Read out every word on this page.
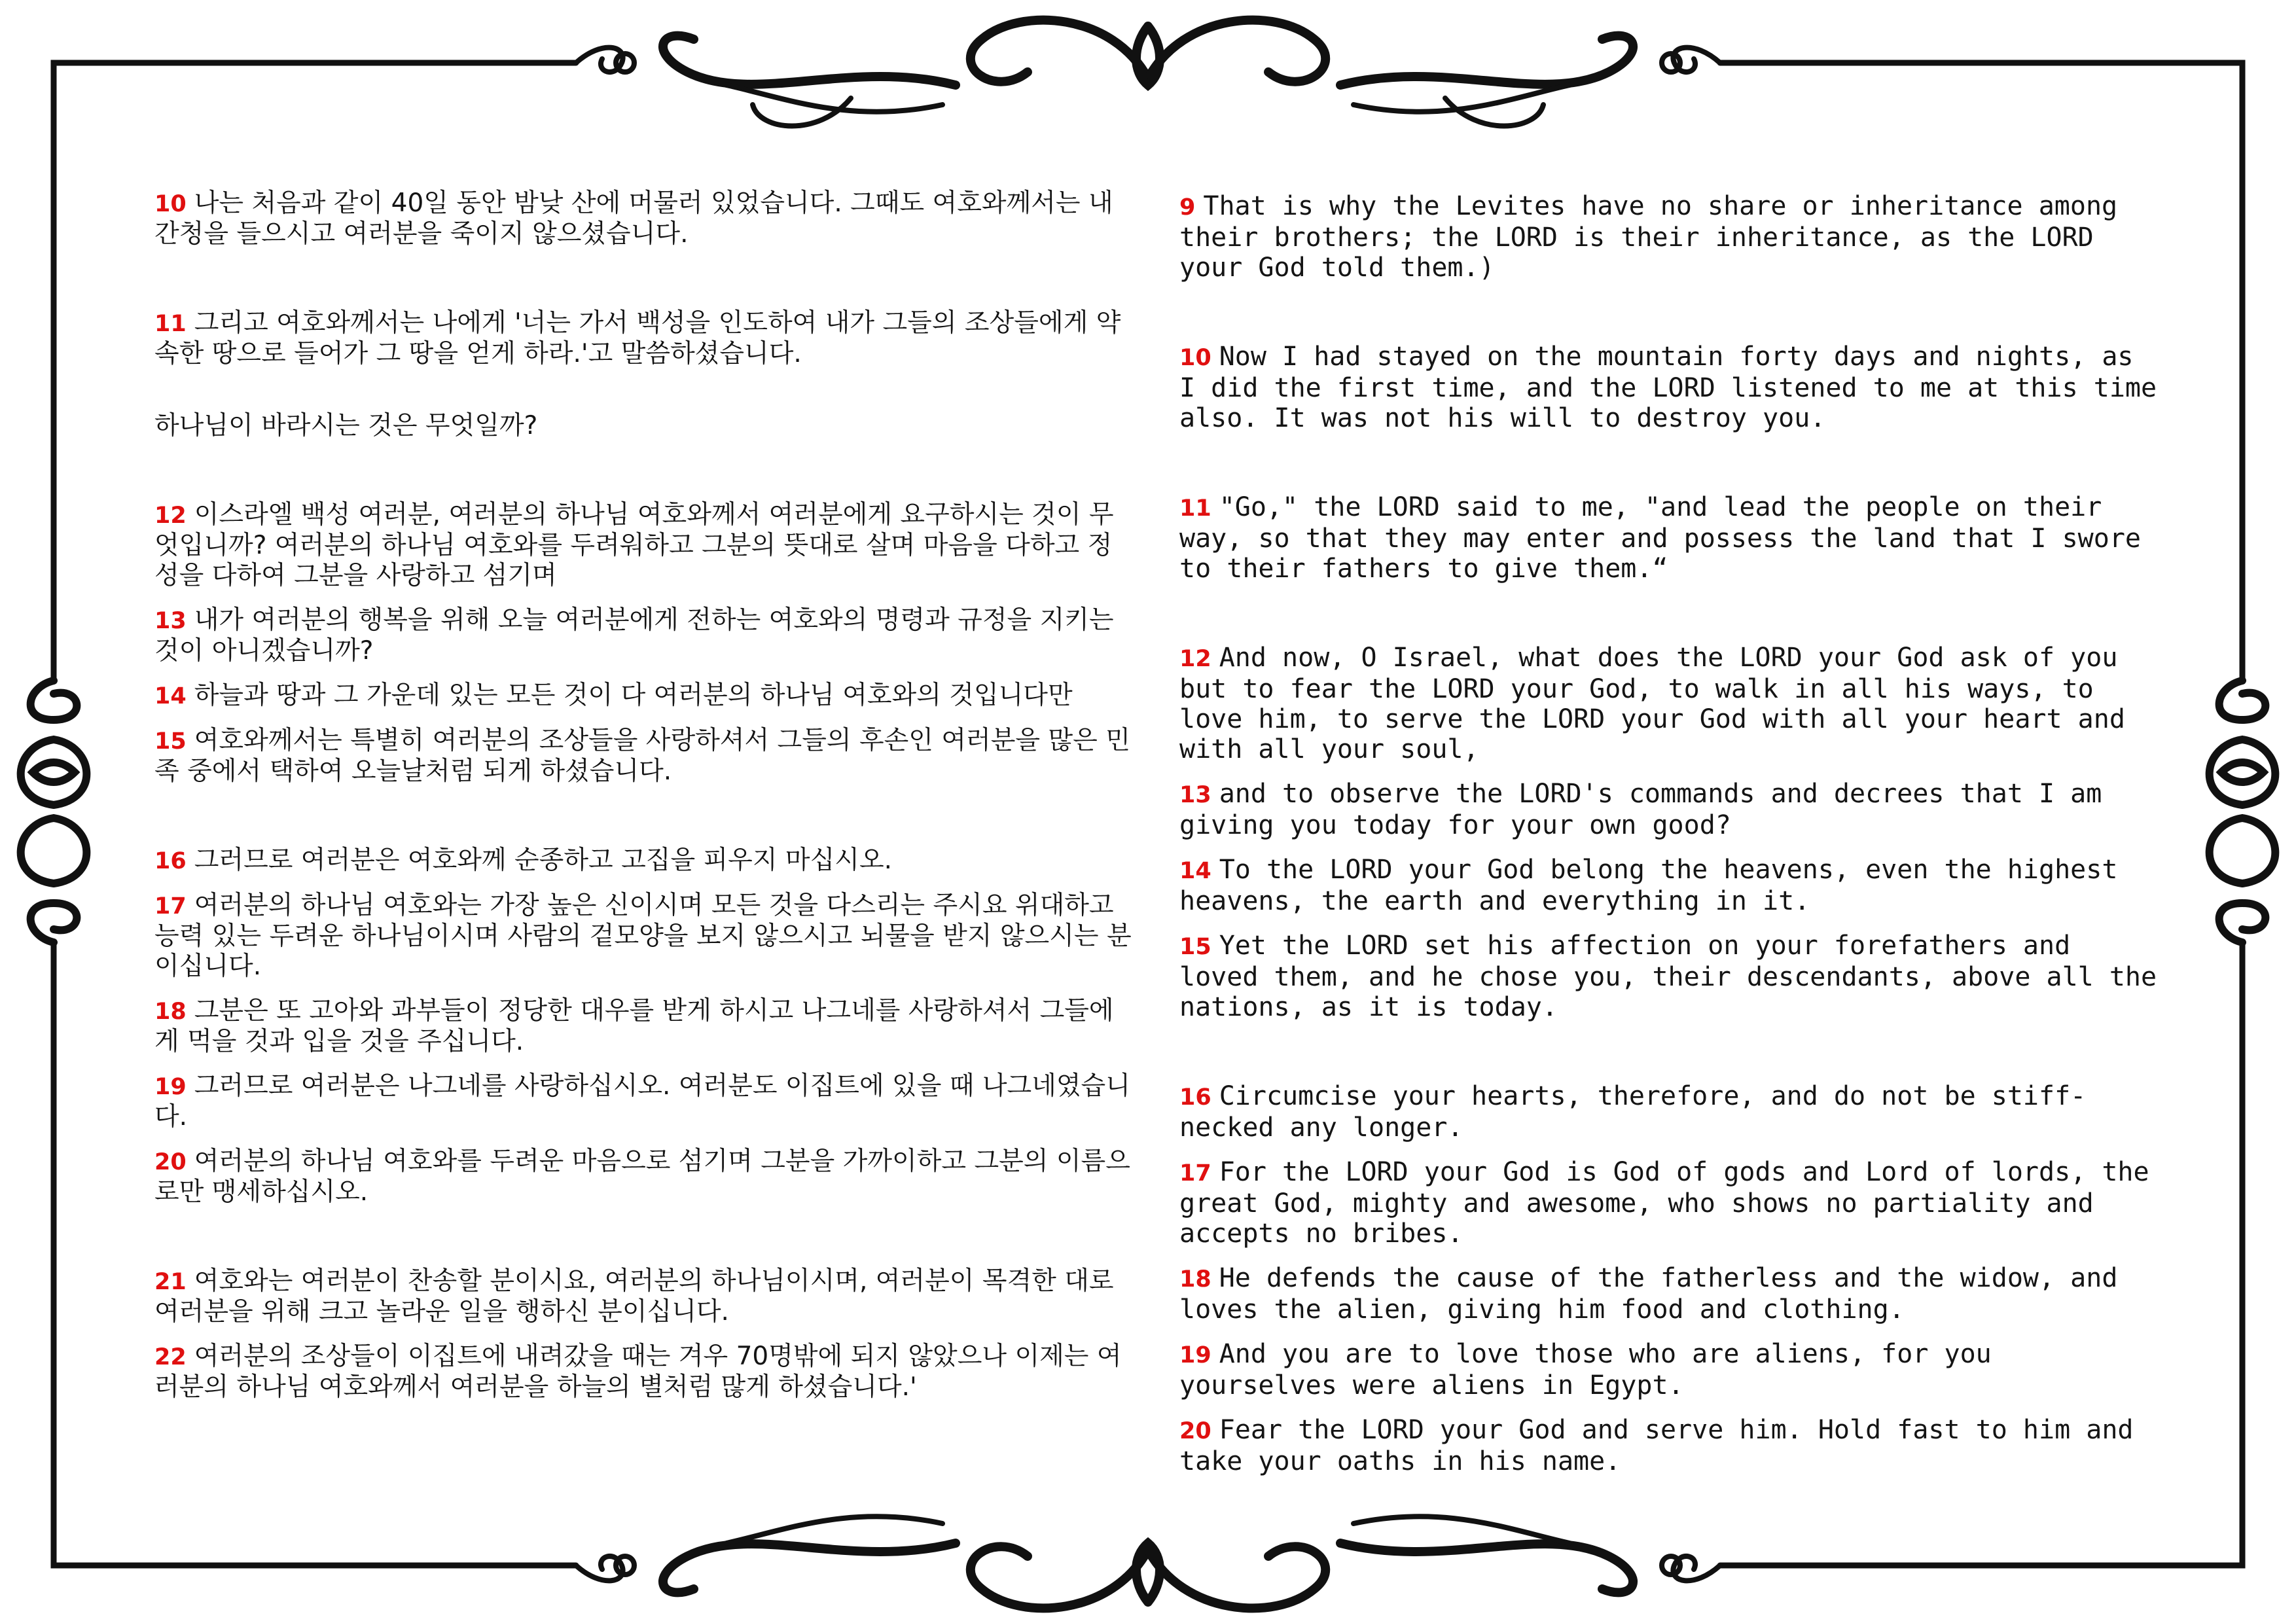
10 나는 처음과 같이 40일 동안 밤낮 산에 머물러 있었습니다. 그때도 여호와께서는 내 간청을 들으시고 여러분을 죽이지 않으셨습니다.

11 그리고 여호와께서는 나에게 '너는 가서 백성을 인도하여 내가 그들의 조상들에게 약속한 땅으로 들어가 그 땅을 얻게 하라.'고 말씀하셨습니다.

하나님이 바라시는 것은 무엇일까?

12 이스라엘 백성 여러분, 여러분의 하나님 여호와께서 여러분에게 요구하시는 것이 무엇입니까? 여러분의 하나님 여호와를 두려워하고 그분의 뜻대로 살며 마음을 다하고 정성을 다하여 그분을 사랑하고 섬기며

13 내가 여러분의 행복을 위해 오늘 여러분에게 전하는 여호와의 명령과 규정을 지키는 것이 아니겠습니까?

14 하늘과 땅과 그 가운데 있는 모든 것이 다 여러분의 하나님 여호와의 것입니다만

15 여호와께서는 특별히 여러분의 조상들을 사랑하셔서 그들의 후손인 여러분을 많은 민족 중에서 택하여 오늘날처럼 되게 하셨습니다.

16 그러므로 여러분은 여호와께 순종하고 고집을 피우지 마십시오.

17 여러분의 하나님 여호와는 가장 높은 신이시며 모든 것을 다스리는 주시요 위대하고 능력 있는 두려운 하나님이시며 사람의 겉모양을 보지 않으시고 뇌물을 받지 않으시는 분이십니다.

18 그분은 또 고아와 과부들이 정당한 대우를 받게 하시고 나그네를 사랑하셔서 그들에게 먹을 것과 입을 것을 주십니다.

19 그러므로 여러분은 나그네를 사랑하십시오. 여러분도 이집트에 있을 때 나그네였습니다.

20 여러분의 하나님 여호와를 두려운 마음으로 섬기며 그분을 가까이하고 그분의 이름으로만 맹세하십시오.

21 여호와는 여러분이 찬송할 분이시요, 여러분의 하나님이시며, 여러분이 목격한 대로 여러분을 위해 크고 놀라운 일을 행하신 분이십니다.

22 여러분의 조상들이 이집트에 내려갔을 때는 겨우 70명밖에 되지 않았으나 이제는 여러분의 하나님 여호와께서 여러분을 하늘의 별처럼 많게 하셨습니다.'

9 That is why the Levites have no share or inheritance among their brothers; the LORD is their inheritance, as the LORD your God told them.)

10 Now I had stayed on the mountain forty days and nights, as I did the first time, and the LORD listened to me at this time also. It was not his will to destroy you.

11 "Go," the LORD said to me, "and lead the people on their way, so that they may enter and possess the land that I swore to their fathers to give them.“

12 And now, O Israel, what does the LORD your God ask of you but to fear the LORD your God, to walk in all his ways, to love him, to serve the LORD your God with all your heart and with all your soul,

13 and to observe the LORD's commands and decrees that I am giving you today for your own good?

14 To the LORD your God belong the heavens, even the highest heavens, the earth and everything in it.

15 Yet the LORD set his affection on your forefathers and loved them, and he chose you, their descendants, above all the nations, as it is today.

16 Circumcise your hearts, therefore, and do not be stiff-necked any longer.

17 For the LORD your God is God of gods and Lord of lords, the great God, mighty and awesome, who shows no partiality and accepts no bribes.

18 He defends the cause of the fatherless and the widow, and loves the alien, giving him food and clothing.

19 And you are to love those who are aliens, for you yourselves were aliens in Egypt.

20 Fear the LORD your God and serve him. Hold fast to him and take your oaths in his name.
